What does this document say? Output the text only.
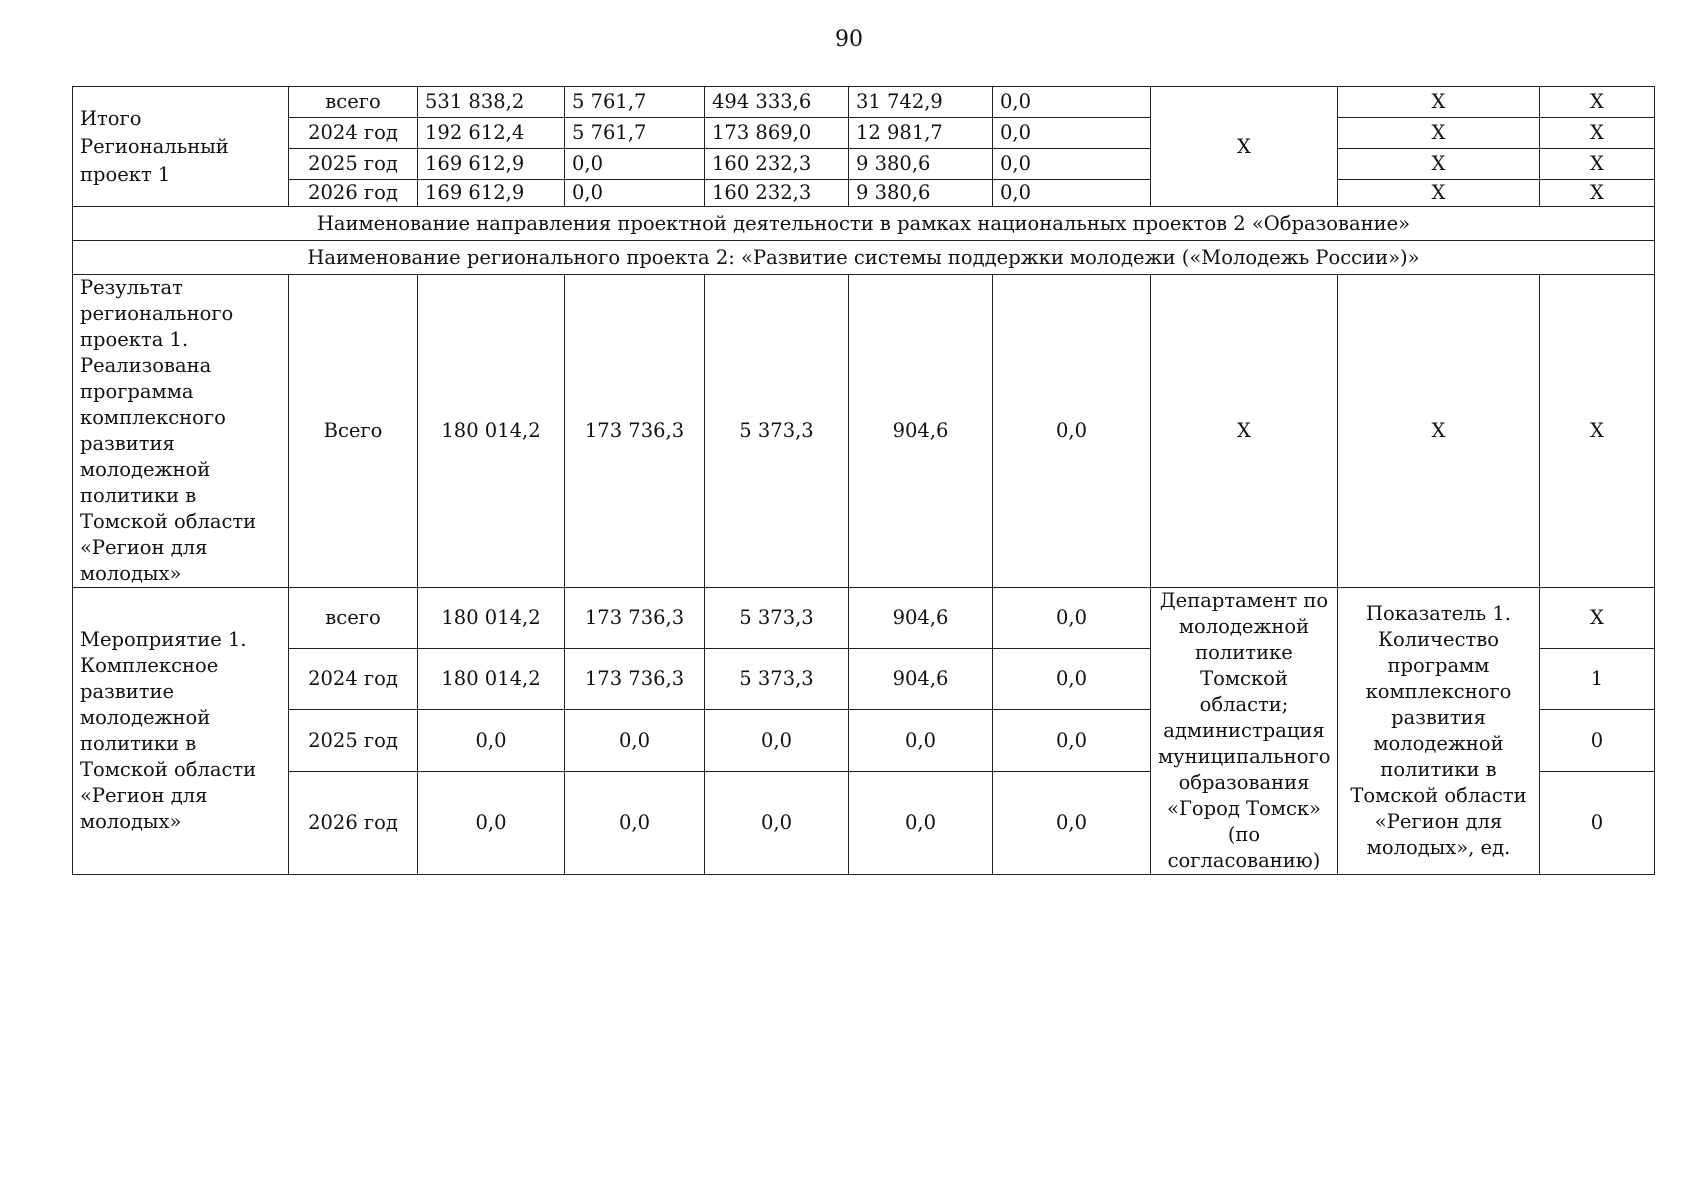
90
Итого Региональный проект 1	всего	531 838,2	5 761,7	494 333,6	31 742,9	0,0	X	X	X
	2024 год	192 612,4	5 761,7	173 869,0	12 981,7	0,0		X	X
	2025 год	169 612,9	0,0	160 232,3	9 380,6	0,0		X	X
	2026 год	169 612,9	0,0	160 232,3	9 380,6	0,0		X	X
Наименование направления проектной деятельности в рамках национальных проектов 2 «Образование»									
Наименование регионального проекта 2: «Развитие системы поддержки молодежи («Молодежь России»)»									
Результат регионального проекта 1. Реализована программа комплексного развития молодежной политики в Томской области «Регион для молодых»	Всего	180 014,2	173 736,3	5 373,3	904,6	0,0	X	X	X
Мероприятие 1. Комплексное развитие молодежной политики в Томской области «Регион для молодых»	всего	180 014,2	173 736,3	5 373,3	904,6	0,0	Департамент по молодежной политике Томской области; администрация муниципального образования «Город Томск» (по согласованию)	Показатель 1. Количество программ комплексного развития молодежной политики в Томской области «Регион для молодых», ед.	X
	2024 год	180 014,2	173 736,3	5 373,3	904,6	0,0			1
	2025 год	0,0	0,0	0,0	0,0	0,0			0
	2026 год	0,0	0,0	0,0	0,0	0,0			0
